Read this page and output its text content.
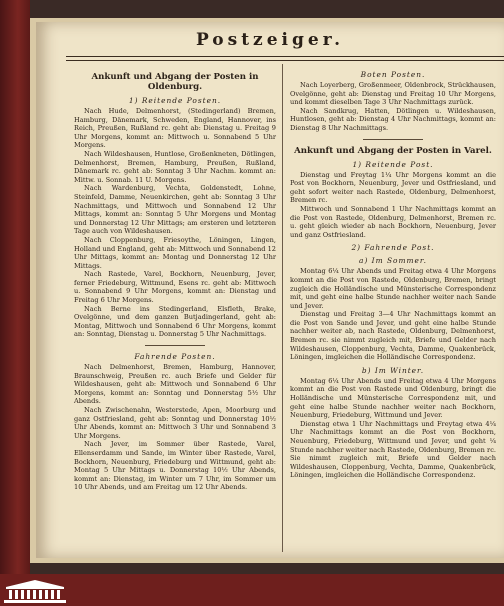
Postzeiger.
Ankunft und Abgang der Posten in Oldenburg.
1) Reitende Posten.

Nach Hude, Delmenhorst, (Stedingerland) Bremen, Hamburg, Dänemark, Schweden, England, Hannover, ins Reich, Preußen, Rußland rc. geht ab: Dienstag u. Freitag 9 Uhr Morgens, kommt an: Mittwoch u. Sonnabend 5 Uhr Morgens.

Nach Wildeshausen, Huntlose, Großenkneten, Dötlingen, Delmenhorst, Bremen, Hamburg, Preußen, Rußland, Dänemark rc. geht ab: Sonntag 3 Uhr Nachm. kommt an: Mittw. u. Sonnab. 11 U. Morgens.

Nach Wardenburg, Vechta, Goldenstedt, Lohne, Steinfeld, Damme, Neuenkirchen, geht ab: Sonntag 3 Uhr Nachmittags, und Mittwoch und Sonnabend 12 Uhr Mittags, kommt an: Sonntag 5 Uhr Morgens und Montag und Donnerstag 12 Uhr Mittags; am ersteren und letzteren Tage auch von Wildeshausen.

Nach Cloppenburg, Friesoythe, Löningen, Lingen, Holland und England, geht ab: Mittwoch und Sonnabend 12 Uhr Mittags, kommt an: Montag und Donnerstag 12 Uhr Mittags.

Nach Rastede, Varel, Bockhorn, Neuenburg, Jever, ferner Friedeburg, Wittmund, Esens rc. geht ab: Mittwoch u. Sonnabend 9 Uhr Morgens, kommt an: Dienstag und Freitag 6 Uhr Morgens.

Nach Berne ins Stedingerland, Elsfleth, Brake, Ovelgönne, und dem ganzen Butjadingerland, geht ab: Montag, Mittwoch und Sonnabend 6 Uhr Morgens, kommt an: Sonntag, Dienstag u. Donnerstag 5 Uhr Nachmittags.

Fahrende Posten.

Nach Delmenhorst, Bremen, Hamburg, Hannover, Braunschweig, Preußen rc. auch Briefe und Gelder für Wildeshausen, geht ab: Mittwoch und Sonnabend 6 Uhr Morgens, kommt an: Sonntag und Donnerstag 5½ Uhr Abends.

Nach Zwischenahn, Westerstede, Apen, Moorburg und ganz Ostfriesland, geht ab: Sonntag und Donnerstag 10½ Uhr Abends, kommt an: Mittwoch 3 Uhr und Sonnabend 3 Uhr Morgens.

Nach Jever, im Sommer über Rastede, Varel, Ellenserdamm und Sande, im Winter über Rastede, Varel, Bockhorn, Neuenburg, Friedeburg und Wittmund, geht ab: Montag 5 Uhr Mittags u. Donnerstag 10½ Uhr Abends, kommt an: Dienstag, im Winter um 7 Uhr, im Sommer um 10 Uhr Abends, und am Freitag um 12 Uhr Abends.

Boten Posten.

Nach Loyerberg, Großenmeer, Oldenbrock, Strückhausen, Ovelgönne, geht ab: Dienstag und Freitag 10 Uhr Morgens, und kommt dieselben Tage 3 Uhr Nachmittags zurück.

Nach Sandkrug, Hatten, Dötlingen u. Wildeshausen, Huntlosen, geht ab: Dienstag 4 Uhr Nachmittags, kommt an: Dienstag 8 Uhr Nachmittags.

Ankunft und Abgang der Posten in Varel.
1) Reitende Post.

Dienstag und Freytag 1¼ Uhr Morgens kommt an die Post von Bockhorn, Neuenburg, Jever und Ostfriesland, und geht sofort weiter nach Rastede, Oldenburg, Delmenhorst, Bremen rc.

Mittwoch und Sonnabend 1 Uhr Nachmittags kommt an die Post von Rastede, Oldenburg, Delmenhorst, Bremen rc. u. geht gleich wieder ab nach Bockhorn, Neuenburg, Jever und ganz Ostfriesland.

2) Fahrende Post.
a) Im Sommer.

Montag 6¼ Uhr Abends und Freitag etwa 4 Uhr Morgens kommt an die Post von Rastede, Oldenburg, Bremen, bringt zugleich die Holländische und Münsterische Correspondenz mit, und geht eine halbe Stunde nachher weiter nach Sande und Jever.

Dienstag und Freitag 3—4 Uhr Nachmittags kommt an die Post von Sande und Jever, und geht eine halbe Stunde nachher weiter ab, nach Rastede, Oldenburg, Delmenhorst, Bremen rc. sie nimmt zugleich mit, Briefe und Gelder nach Wildeshausen, Cloppenburg, Vechta, Damme, Quakenbrück, Löningen, imgleichen die Holländische Correspondenz.

b) Im Winter.

Montag 6¼ Uhr Abends und Freitag etwa 4 Uhr Morgens kommt an die Post von Rastede und Oldenburg, bringt die Holländische und Münsterische Correspondenz mit, und geht eine halbe Stunde nachher weiter nach Bockhorn, Neuenburg, Friedeburg, Wittmund und Jever.

Dienstag etwa 1 Uhr Nachmittags und Freytag etwa 4¼ Uhr Nachmittags kommt an die Post von Bockhorn, Neuenburg, Friedeburg, Wittmund und Jever, und geht ¼ Stunde nachher weiter nach Rastede, Oldenburg, Bremen rc. Sie nimmt zugleich mit, Briefe und Gelder nach Wildeshausen, Cloppenburg, Vechta, Damme, Quakenbrück, Löningen, imgleichen die Holländische Correspondenz.
